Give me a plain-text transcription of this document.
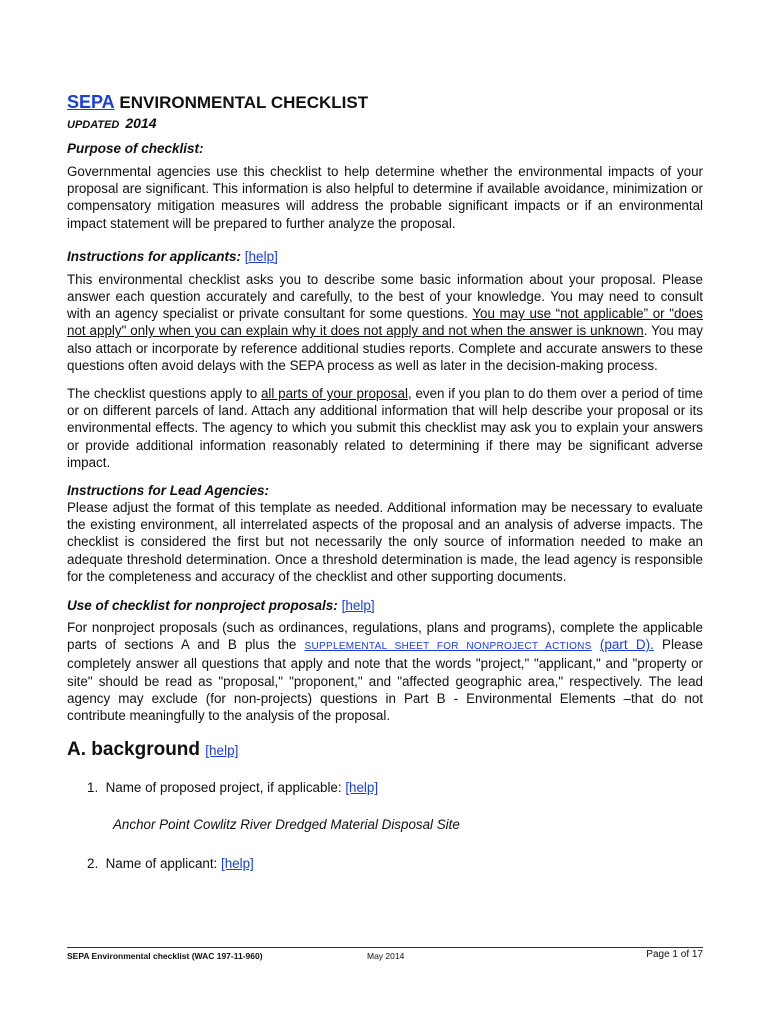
SEPA ENVIRONMENTAL CHECKLIST
UPDATED 2014
Purpose of checklist:

Governmental agencies use this checklist to help determine whether the environmental impacts of your proposal are significant. This information is also helpful to determine if available avoidance, minimization or compensatory mitigation measures will address the probable significant impacts or if an environmental impact statement will be prepared to further analyze the proposal.

Instructions for applicants: [help]

This environmental checklist asks you to describe some basic information about your proposal. Please answer each question accurately and carefully, to the best of your knowledge. You may need to consult with an agency specialist or private consultant for some questions. You may use “not applicable” or "does not apply" only when you can explain why it does not apply and not when the answer is unknown. You may also attach or incorporate by reference additional studies reports. Complete and accurate answers to these questions often avoid delays with the SEPA process as well as later in the decision-making process.

The checklist questions apply to all parts of your proposal, even if you plan to do them over a period of time or on different parcels of land. Attach any additional information that will help describe your proposal or its environmental effects. The agency to which you submit this checklist may ask you to explain your answers or provide additional information reasonably related to determining if there may be significant adverse impact.

Instructions for Lead Agencies:

Please adjust the format of this template as needed. Additional information may be necessary to evaluate the existing environment, all interrelated aspects of the proposal and an analysis of adverse impacts. The checklist is considered the first but not necessarily the only source of information needed to make an adequate threshold determination. Once a threshold determination is made, the lead agency is responsible for the completeness and accuracy of the checklist and other supporting documents.

Use of checklist for nonproject proposals: [help]

For nonproject proposals (such as ordinances, regulations, plans and programs), complete the applicable parts of sections A and B plus the SUPPLEMENTAL SHEET FOR NONPROJECT ACTIONS (part D). Please completely answer all questions that apply and note that the words "project," "applicant," and "property or site" should be read as "proposal," "proponent," and "affected geographic area," respectively. The lead agency may exclude (for non-projects) questions in Part B - Environmental Elements –that do not contribute meaningfully to the analysis of the proposal.

A. background [help]
1. Name of proposed project, if applicable: [help]
Anchor Point Cowlitz River Dredged Material Disposal Site
2. Name of applicant: [help]
SEPA Environmental checklist (WAC 197-11-960)	May 2014	Page 1 of 17
